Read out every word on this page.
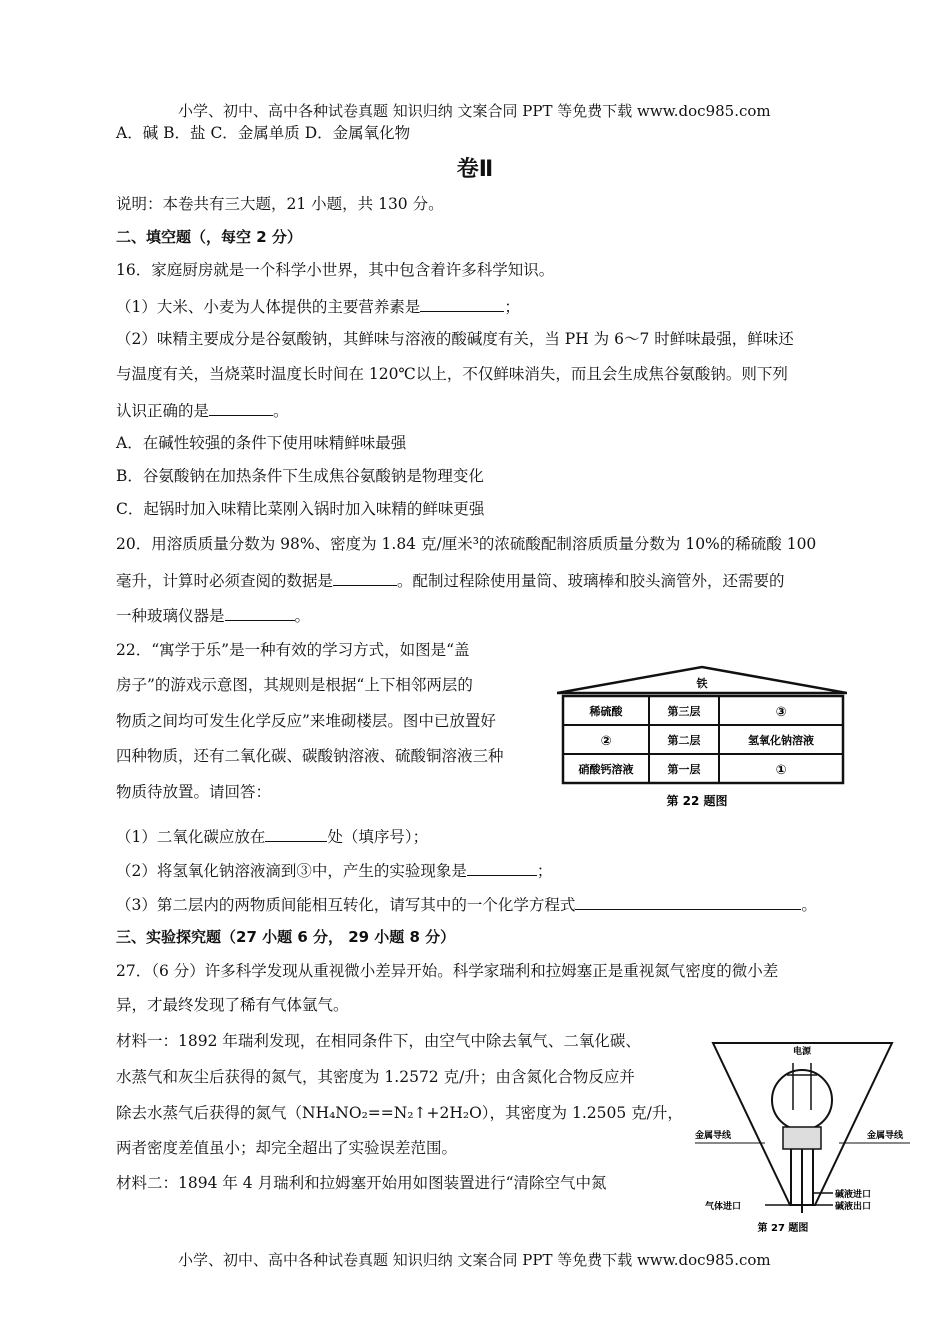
小学、初中、高中各种试卷真题 知识归纳 文案合同 PPT 等免费下载 www.doc985.com
A．碱 B．盐 C．金属单质 D．金属氧化物
卷Ⅱ
说明：本卷共有三大题，21 小题，共 130 分。
二、填空题（，每空 2 分）
16．家庭厨房就是一个科学小世界，其中包含着许多科学知识。
（1）大米、小麦为人体提供的主要营养素是	；
（2）味精主要成分是谷氨酸钠，其鲜味与溶液的酸碱度有关，当 PH 为 6～7 时鲜味最强，鲜味还
与温度有关，当烧菜时温度长时间在 120℃以上，不仅鲜味消失，而且会生成焦谷氨酸钠。则下列
认识正确的是	。
A．在碱性较强的条件下使用味精鲜味最强
B．谷氨酸钠在加热条件下生成焦谷氨酸钠是物理变化
C．起锅时加入味精比菜刚入锅时加入味精的鲜味更强
20．用溶质质量分数为 98%、密度为 1.84 克/厘米³的浓硫酸配制溶质质量分数为 10%的稀硫酸 100
毫升，计算时必须查阅的数据是	。配制过程除使用量筒、玻璃棒和胶头滴管外，还需要的
一种玻璃仪器是	。
22．“寓学于乐”是一种有效的学习方式，如图是“盖
房子”的游戏示意图，其规则是根据“上下相邻两层的
物质之间均可发生化学反应”来堆砌楼层。图中已放置好
四种物质，还有二氧化碳、碳酸钠溶液、硫酸铜溶液三种
物质待放置。请回答：
铁
稀硫酸	第三层	③
②	第二层	氢氧化钠溶液
硝酸钙溶液	第一层	①
第 22 题图
（1）二氧化碳应放在	处（填序号）；
（2）将氢氧化钠溶液滴到③中，产生的实验现象是	；
（3）第二层内的两物质间能相互转化，请写其中的一个化学方程式	。
三、实验探究题（27 小题 6 分， 29 小题 8 分）
27．（6 分）许多科学发现从重视微小差异开始。科学家瑞利和拉姆塞正是重视氮气密度的微小差
异，才最终发现了稀有气体氩气。
材料一：1892 年瑞利发现，在相同条件下，由空气中除去氧气、二氧化碳、
水蒸气和灰尘后获得的氮气，其密度为 1.2572 克/升；由含氮化合物反应并
除去水蒸气后获得的氮气（NH₄NO₂==N₂↑+2H₂O），其密度为 1.2505 克/升，
两者密度差值虽小；却完全超出了实验误差范围。
材料二：1894 年 4 月瑞利和拉姆塞开始用如图装置进行“清除空气中氮
电源
金属导线	金属导线
气体进口
碱液进口
碱液出口
第 27 题图
小学、初中、高中各种试卷真题 知识归纳 文案合同 PPT 等免费下载 www.doc985.com
